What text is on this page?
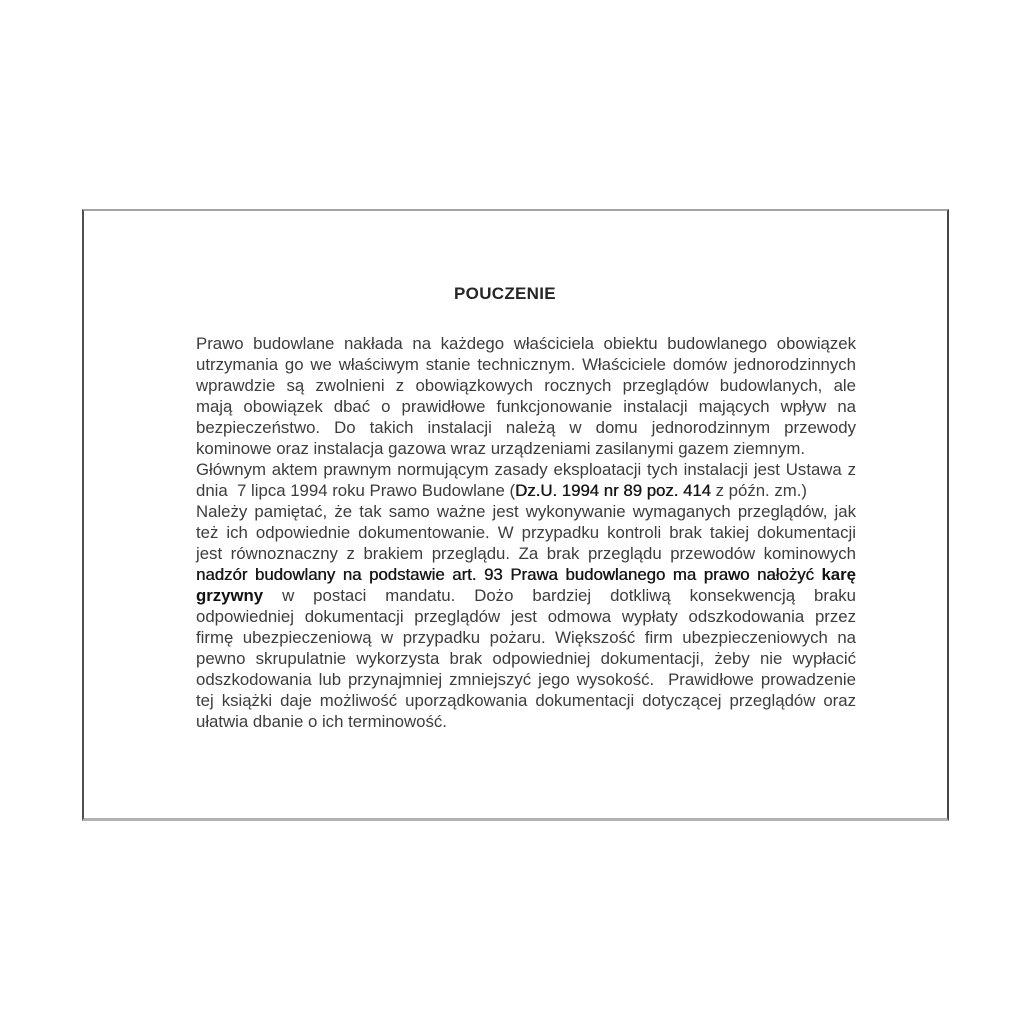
POUCZENIE
Prawo budowlane nakłada na każdego właściciela obiektu budowlanego obowiązek
utrzymania go we właściwym stanie technicznym. Właściciele domów jednorodzinnych
wprawdzie są zwolnieni z obowiązkowych rocznych przeglądów budowlanych, ale
mają obowiązek dbać o prawidłowe funkcjonowanie instalacji mających wpływ na
bezpieczeństwo. Do takich instalacji należą w domu jednorodzinnym przewody
kominowe oraz instalacja gazowa wraz urządzeniami zasilanymi gazem ziemnym.
Głównym aktem prawnym normującym zasady eksploatacji tych instalacji jest Ustawa z
dnia  7 lipca 1994 roku Prawo Budowlane (Dz.U. 1994 nr 89 poz. 414 z późn. zm.)
Należy pamiętać, że tak samo ważne jest wykonywanie wymaganych przeglądów, jak
też ich odpowiednie dokumentowanie. W przypadku kontroli brak takiej dokumentacji
jest równoznaczny z brakiem przeglądu. Za brak przeglądu przewodów kominowych
nadzór budowlany na podstawie art. 93 Prawa budowlanego ma prawo nałożyć karę
grzywny w postaci mandatu. Dożo bardziej dotkliwą konsekwencją braku
odpowiedniej dokumentacji przeglądów jest odmowa wypłaty odszkodowania przez
firmę ubezpieczeniową w przypadku pożaru. Większość firm ubezpieczeniowych na
pewno skrupulatnie wykorzysta brak odpowiedniej dokumentacji, żeby nie wypłacić
odszkodowania lub przynajmniej zmniejszyć jego wysokość.  Prawidłowe prowadzenie
tej książki daje możliwość uporządkowania dokumentacji dotyczącej przeglądów oraz
ułatwia dbanie o ich terminowość.
